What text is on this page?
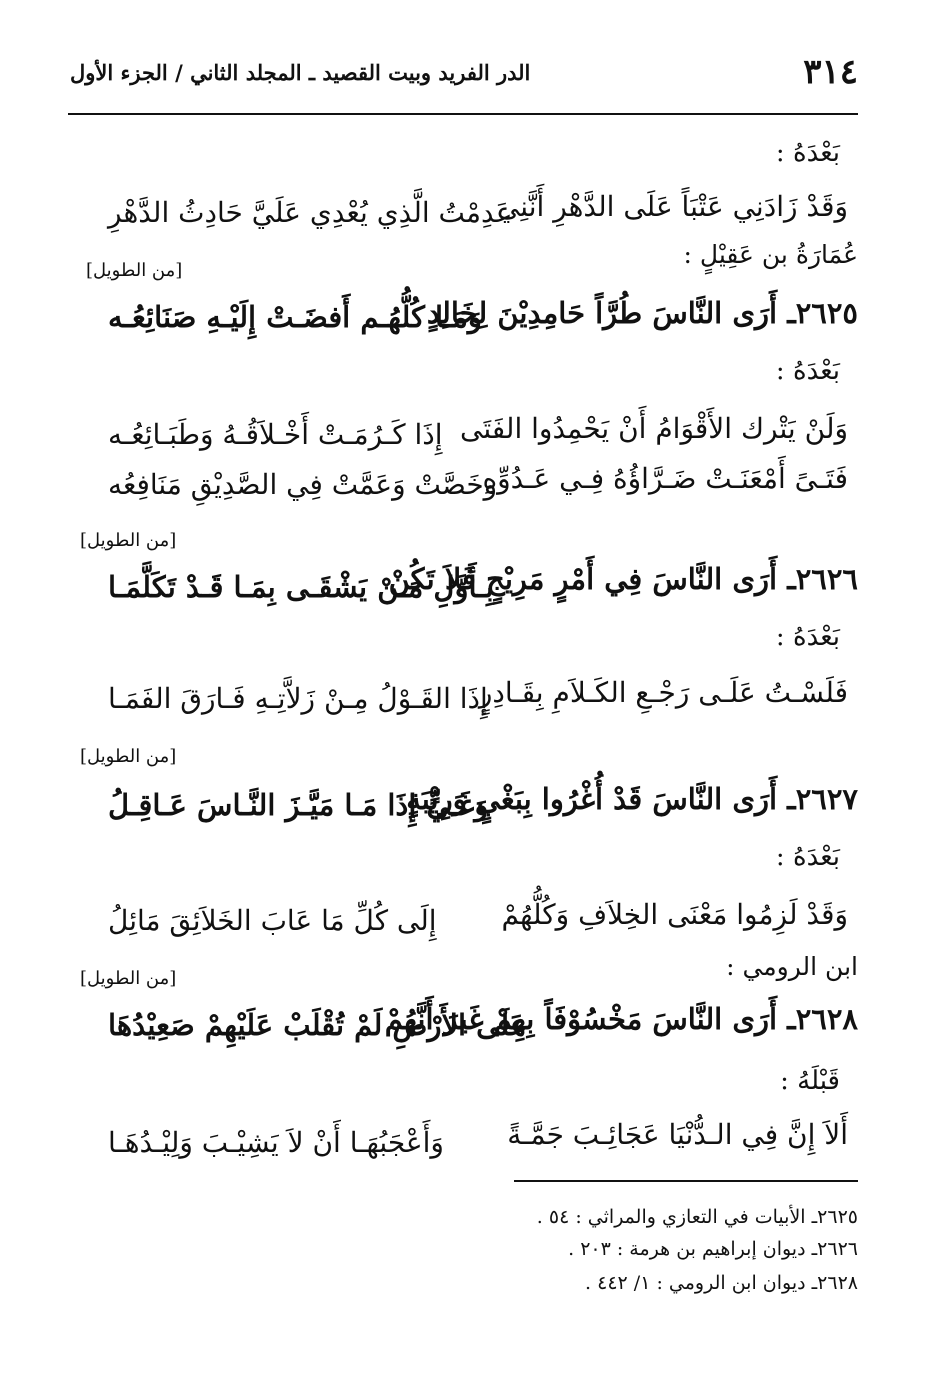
٣١٤
الدر الفريد وبيت القصيد ـ المجلد الثاني / الجزء الأول
بَعْدَهُ :
وَقَدْ زَادَنِي عَتْبَاً عَلَى الدَّهْرِ أَنَّنِي
عَدِمْتُ الَّذِي يُعْدِي عَلَيَّ حَادِثُ الدَّهْرِ
عُمَارَةُ بن عَقِيْلٍ :
[من الطويل]
٢٦٢٥ـ أَرَى النَّاسَ طُرَّاً حَامِدِيْنَ لِخَالِدٍ
وَمَـا كُلُّهُـم أَفضَـتْ إِلَيْـهِ صَنَائِعُـه
بَعْدَهُ :
وَلَنْ يَتْرك الأَقْوَامُ أَنْ يَحْمِدُوا الفَتَى
إِذَا كَـرُمَـتْ أَخْـلاَقُـهُ وَطَبَـائِعُـه
فَتَـىً أَمْعَنَـتْ ضَـرَّاؤُهُ فِـي عَـدُوِّهِ
وخَصَّتْ وَعَمَّتْ فِي الصَّدِيْقِ مَنَافِعُه
[من الطويل]
٢٦٢٦ـ أَرَى النَّاسَ فِي أَمْرٍ مَرِيْجٍ فَلاَ تَكُنْ
بِـأَوَّلِ مَـنْ يَشْقَـى بِمَـا قَـدْ تَكَلَّمَـا
بَعْدَهُ :
فَلَسْـتُ عَلَـى رَجْـعِ الكَـلاَمِ بِقَـادِرٍ
إِذَا القَـوْلُ مِـنْ زَلاَّتِـهِ فَـارَقَ الفَمَـا
[من الطويل]
٢٦٢٧ـ أَرَى النَّاسَ قَدْ أُغْرُوا بِبَغْيٍ وَرِيْبَةٍ
وَغَـيٍّ إِذَا مَـا مَيَّـزَ النَّـاسَ عَـاقِـلُ
بَعْدَهُ :
وَقَدْ لَزِمُوا مَعْنَى الخِلاَفِ وَكُلُّهُمْ
إِلَى كُلِّ مَا عَابَ الخَلاَئِقَ مَائِلُ
ابن الرومي :
[من الطويل]
٢٦٢٨ـ أَرَى النَّاسَ مَخْسُوْفَاً بِهِمْ غَيرَ أَنَّهُمْ
عَلَى الأَرْضِ لَمْ تُقْلَبْ عَلَيْهِمْ صَعِيْدُهَا
قَبْلَهُ :
أَلاَ إِنَّ فِي الـدُّنْيَا عَجَائِـبَ جَمَّـةً
وَأَعْجَبُهَـا أَنْ لاَ يَشِيْـبَ وَلِيْـدُهَـا
٢٦٢٥ـ الأبيات في التعازي والمراثي : ٥٤ .
٢٦٢٦ـ ديوان إبراهيم بن هرمة : ٢٠٣ .
٢٦٢٨ـ ديوان ابن الرومي : ١/ ٤٤٢ .
